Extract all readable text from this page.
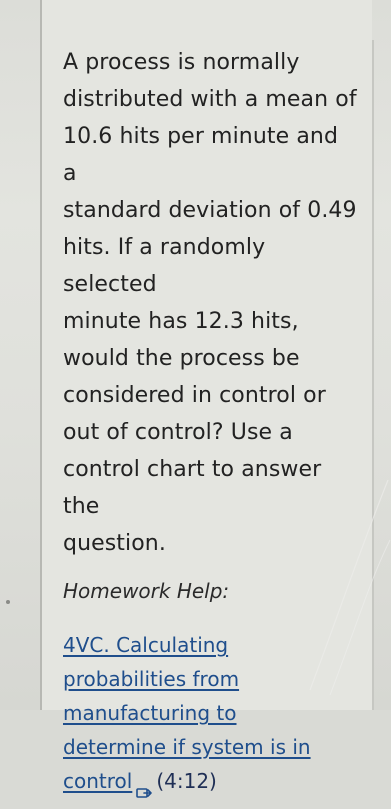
A process is normally
distributed with a mean of
10.6 hits per minute and a
standard deviation of 0.49
hits. If a randomly selected
minute has 12.3 hits,
would the process be
considered in control or
out of control? Use a
control chart to answer the
question.

Homework Help:

4VC. Calculating
probabilities from
manufacturing to
determine if system is in
control (4:12)
